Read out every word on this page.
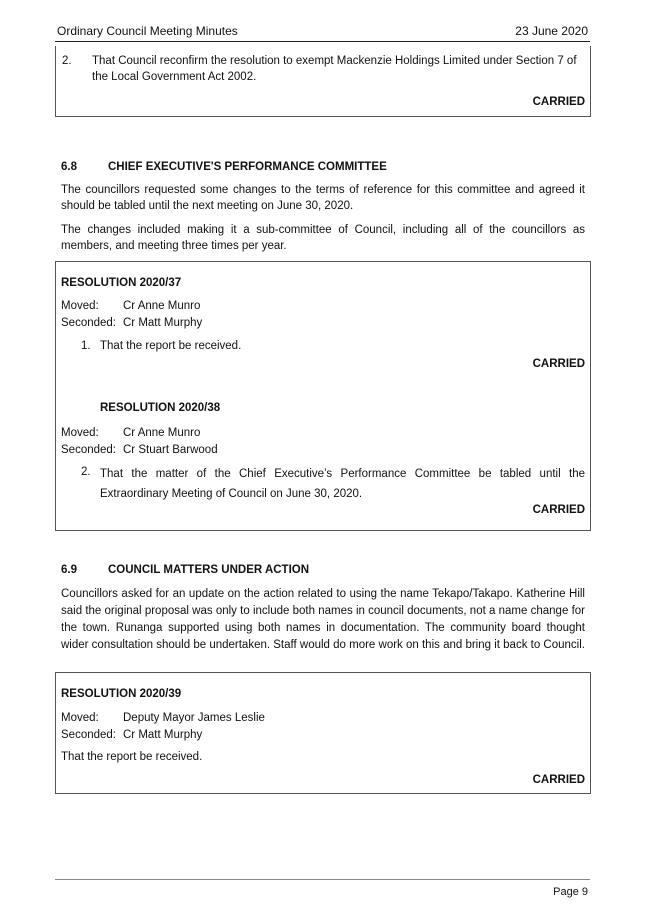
Ordinary Council Meeting Minutes	23 June 2020
2. That Council reconfirm the resolution to exempt Mackenzie Holdings Limited under Section 7 of the Local Government Act 2002.
CARRIED
6.8	CHIEF EXECUTIVE'S PERFORMANCE COMMITTEE
The councillors requested some changes to the terms of reference for this committee and agreed it should be tabled until the next meeting on June 30, 2020.
The changes included making it a sub-committee of Council, including all of the councillors as members, and meeting three times per year.
RESOLUTION 2020/37
Moved: Cr Anne Munro
Seconded: Cr Matt Murphy
1. That the report be received.
CARRIED
RESOLUTION 2020/38
Moved: Cr Anne Munro
Seconded: Cr Stuart Barwood
2. That the matter of the Chief Executive’s Performance Committee be tabled until the Extraordinary Meeting of Council on June 30, 2020.
CARRIED
6.9	COUNCIL MATTERS UNDER ACTION
Councillors asked for an update on the action related to using the name Tekapo/Takapo. Katherine Hill said the original proposal was only to include both names in council documents, not a name change for the town. Runanga supported using both names in documentation. The community board thought wider consultation should be undertaken. Staff would do more work on this and bring it back to Council.
RESOLUTION 2020/39
Moved: Deputy Mayor James Leslie
Seconded: Cr Matt Murphy
That the report be received.
CARRIED
Page 9
